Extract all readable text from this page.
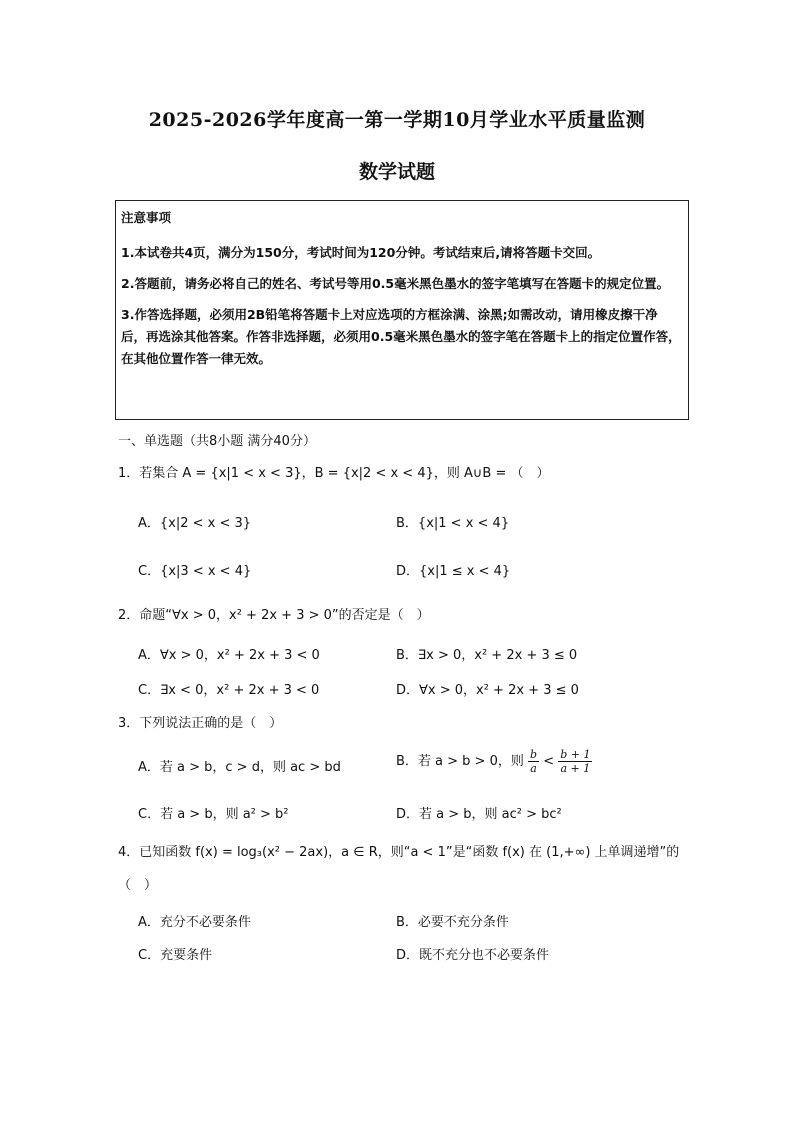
2025-2026学年度高一第一学期10月学业水平质量监测
数学试题

注意事项

1.本试卷共4页，满分为150分，考试时间为120分钟。考试结束后,请将答题卡交回。

2.答题前，请务必将自己的姓名、考试号等用0.5毫米黑色墨水的签字笔填写在答题卡的规定位置。

3.作答选择题，必须用2B铅笔将答题卡上对应选项的方框涂满、涂黑;如需改动，请用橡皮擦干净后，再选涂其他答案。作答非选择题，必须用0.5毫米黑色墨水的签字笔在答题卡上的指定位置作答，在其他位置作答一律无效。

一、单选题（共8小题 满分40分）
1．若集合 A = {x|1 < x < 3}，B = {x|2 < x < 4}，则 A∪B = （　）
A．{x|2 < x < 3}	B．{x|1 < x < 4}
C．{x|3 < x < 4}	D．{x|1 ≤ x < 4}
2．命题“∀x > 0，x² + 2x + 3 > 0”的否定是（　）
A．∀x > 0，x² + 2x + 3 < 0	B．∃x > 0，x² + 2x + 3 ≤ 0
C．∃x < 0，x² + 2x + 3 < 0	D．∀x > 0，x² + 2x + 3 ≤ 0
3．下列说法正确的是（　）
A．若 a > b，c > d，则 ac > bd	B．若 a > b > 0，则 $\frac{b}{a} < \frac{b + 1}{a + 1}$
C．若 a > b，则 a² > b²	D．若 a > b，则 ac² > bc²
4．已知函数 f(x) = log₃(x² − 2ax)，a ∈ R，则“a < 1”是“函数 f(x) 在 (1,+∞) 上单调递增”的
（　）
A．充分不必要条件	B．必要不充分条件
C．充要条件	D．既不充分也不必要条件
